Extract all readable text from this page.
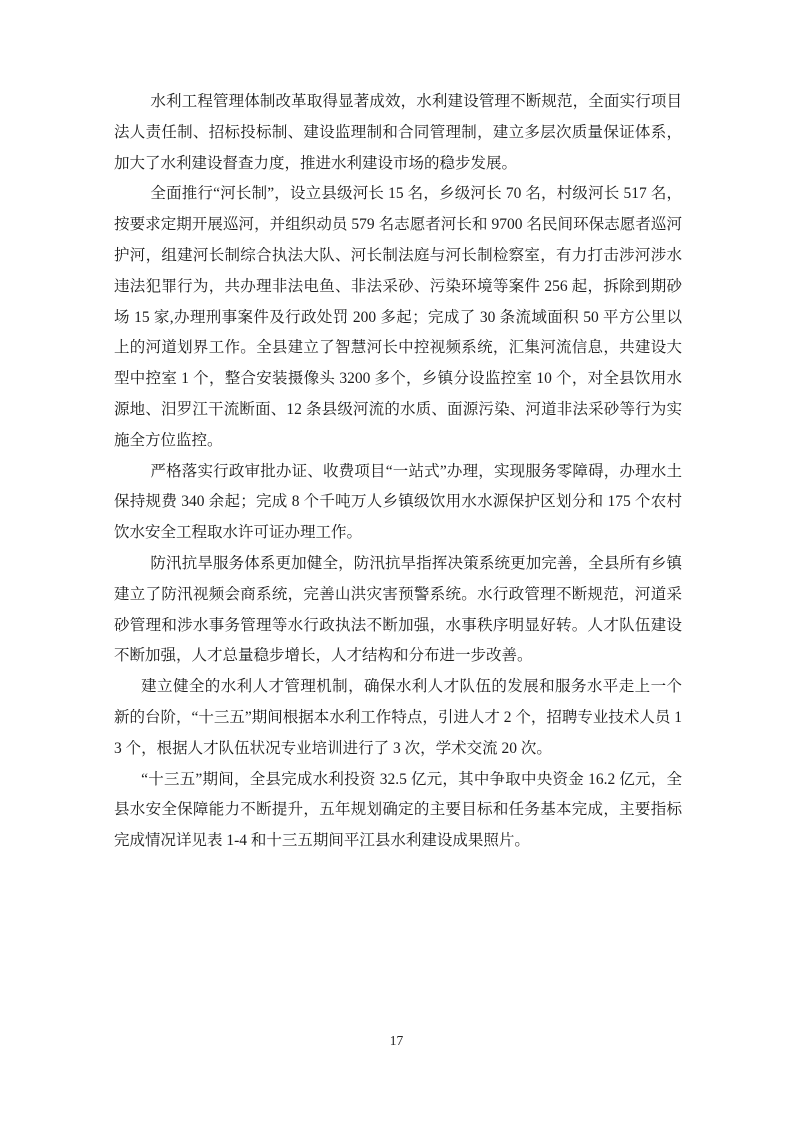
水利工程管理体制改革取得显著成效，水利建设管理不断规范，全面实行项目法人责任制、招标投标制、建设监理制和合同管理制，建立多层次质量保证体系，加大了水利建设督查力度，推进水利建设市场的稳步发展。

全面推行“河长制”，设立县级河长 15 名，乡级河长 70 名，村级河长 517 名，按要求定期开展巡河，并组织动员 579 名志愿者河长和 9700 名民间环保志愿者巡河护河，组建河长制综合执法大队、河长制法庭与河长制检察室，有力打击涉河涉水违法犯罪行为，共办理非法电鱼、非法采砂、污染环境等案件 256 起，拆除到期砂场 15 家,办理刑事案件及行政处罚 200 多起；完成了 30 条流域面积 50 平方公里以上的河道划界工作。全县建立了智慧河长中控视频系统，汇集河流信息，共建设大型中控室 1 个，整合安装摄像头 3200 多个，乡镇分设监控室 10 个，对全县饮用水源地、汨罗江干流断面、12 条县级河流的水质、面源污染、河道非法采砂等行为实施全方位监控。

严格落实行政审批办证、收费项目“一站式”办理，实现服务零障碍，办理水土保持规费 340 余起；完成 8 个千吨万人乡镇级饮用水水源保护区划分和 175 个农村饮水安全工程取水许可证办理工作。

防汛抗旱服务体系更加健全，防汛抗旱指挥决策系统更加完善，全县所有乡镇建立了防汛视频会商系统，完善山洪灾害预警系统。水行政管理不断规范，河道采砂管理和涉水事务管理等水行政执法不断加强，水事秩序明显好转。人才队伍建设不断加强，人才总量稳步增长，人才结构和分布进一步改善。

建立健全的水利人才管理机制，确保水利人才队伍的发展和服务水平走上一个新的台阶，“十三五”期间根据本水利工作特点，引进人才 2 个，招聘专业技术人员 13 个，根据人才队伍状况专业培训进行了 3 次，学术交流 20 次。

“十三五”期间，全县完成水利投资 32.5 亿元，其中争取中央资金 16.2 亿元，全县水安全保障能力不断提升，五年规划确定的主要目标和任务基本完成，主要指标完成情况详见表 1-4 和十三五期间平江县水利建设成果照片。

17
